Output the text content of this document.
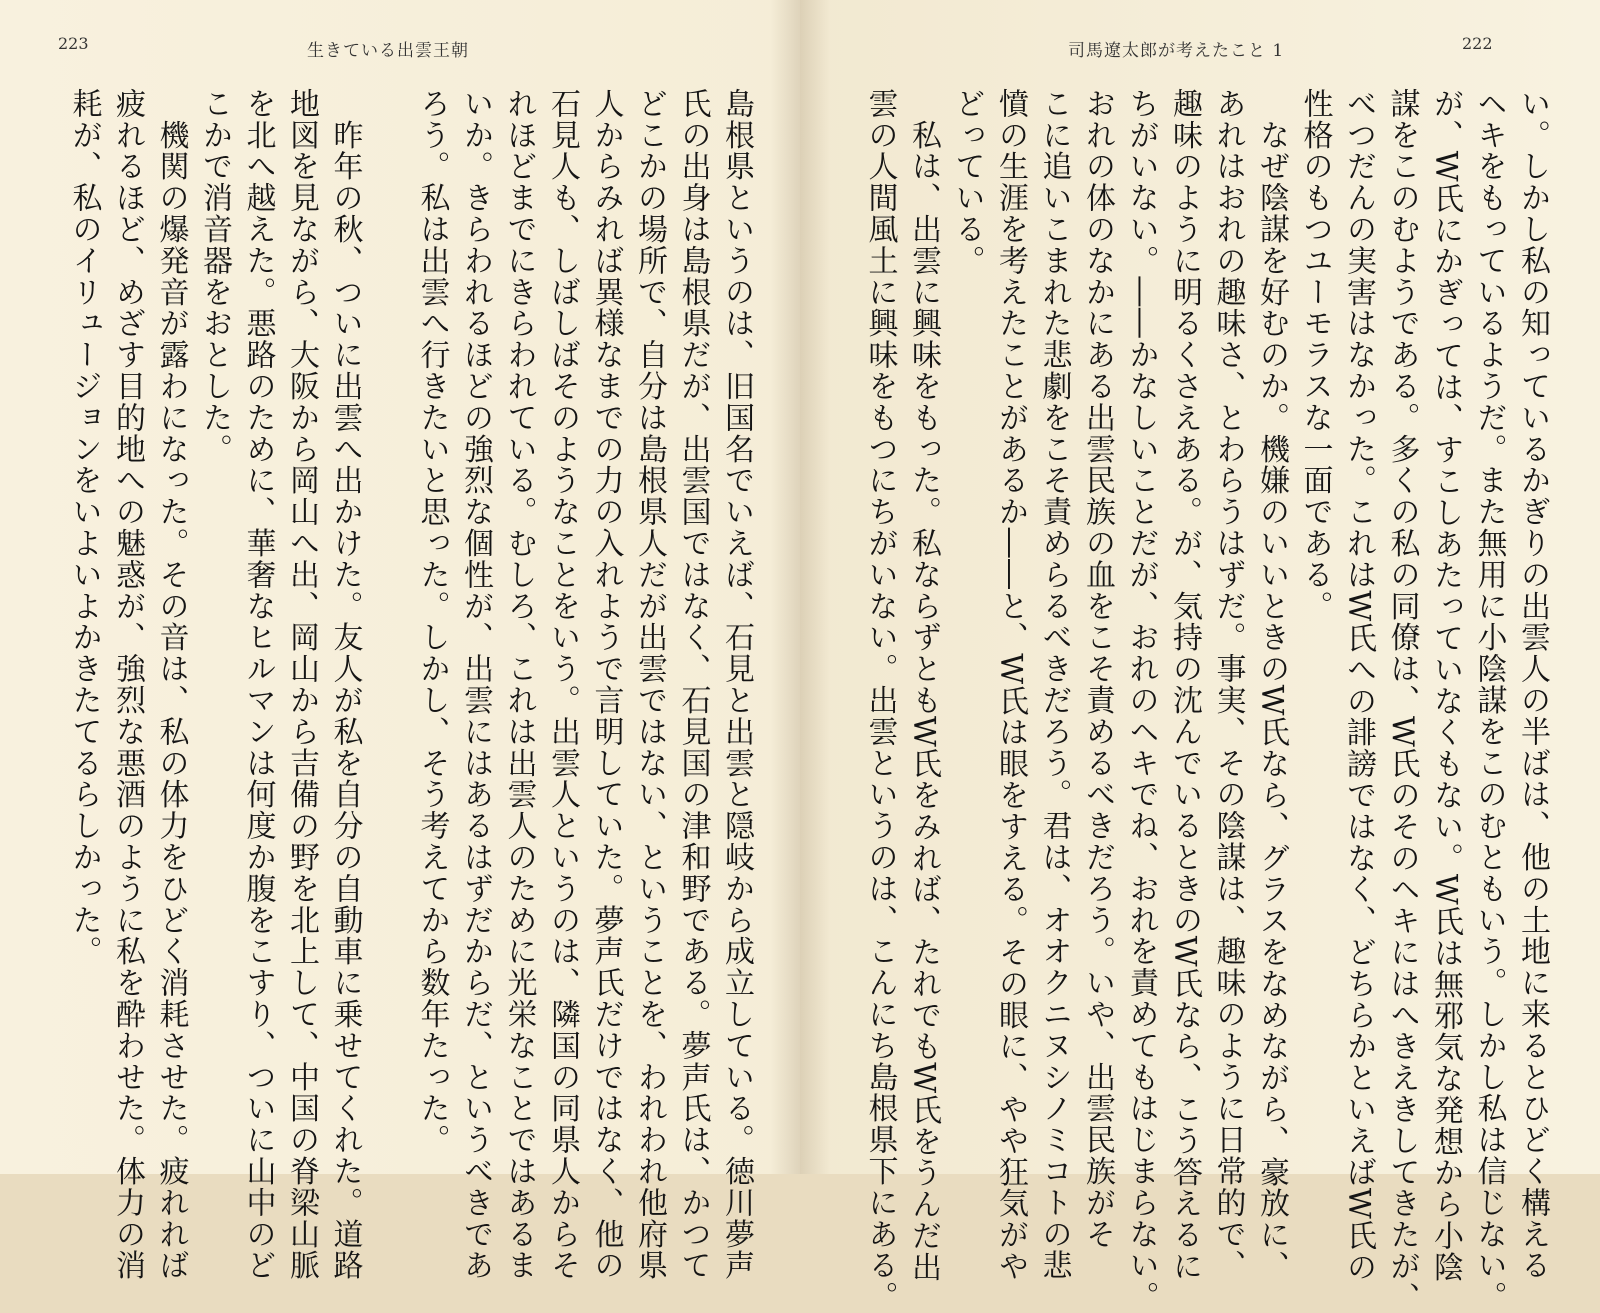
223	生きている出雲王朝
島根県というのは、旧国名でいえば、石見と出雲と隠岐から成立している。徳川夢声
氏の出身は島根県だが、出雲国ではなく、石見国の津和野である。夢声氏は、かつて
どこかの場所で、自分は島根県人だが出雲ではない、ということを、われわれ他府県
人からみれば異様なまでの力の入れようで言明していた。夢声氏だけではなく、他の
石見人も、しばしばそのようなことをいう。出雲人というのは、隣国の同県人からそ
れほどまでにきらわれている。むしろ、これは出雲人のために光栄なことではあるま
いか。きらわれるほどの強烈な個性が、出雲にはあるはずだからだ、というべきであ
ろう。私は出雲へ行きたいと思った。しかし、そう考えてから数年たった。

　昨年の秋、ついに出雲へ出かけた。友人が私を自分の自動車に乗せてくれた。道路
地図を見ながら、大阪から岡山へ出、岡山から吉備の野を北上して、中国の脊梁山脈
を北へ越えた。悪路のために、華奢なヒルマンは何度か腹をこすり、ついに山中のど
こかで消音器をおとした。
　機関の爆発音が露わになった。その音は、私の体力をひどく消耗させた。疲れれば
疲れるほど、めざす目的地への魅惑が、強烈な悪酒のように私を酔わせた。体力の消
耗が、私のイリュージョンをいよいよかきたてるらしかった。
司馬遼太郎が考えたこと 1	222
い。しかし私の知っているかぎりの出雲人の半ばは、他の土地に来るとひどく構える
ヘキをもっているようだ。また無用に小陰謀をこのむともいう。しかし私は信じない。
が、W氏にかぎっては、すこしあたっていなくもない。W氏は無邪気な発想から小陰
謀をこのむようである。多くの私の同僚は、W氏のそのヘキにはへきえきしてきたが、
べつだんの実害はなかった。これはW氏への誹謗ではなく、どちらかといえばW氏の
性格のもつユーモラスな一面である。
　なぜ陰謀を好むのか。機嫌のいいときのW氏なら、グラスをなめながら、豪放に、
あれはおれの趣味さ、とわらうはずだ。事実、その陰謀は、趣味のように日常的で、
趣味のように明るくさえある。が、気持の沈んでいるときのW氏なら、こう答えるに
ちがいない。――かなしいことだが、おれのヘキでね、おれを責めてもはじまらない。
おれの体のなかにある出雲民族の血をこそ責めるべきだろう。いや、出雲民族がそ
こに追いこまれた悲劇をこそ責めらるべきだろう。君は、オオクニヌシノミコトの悲
憤の生涯を考えたことがあるか――と、W氏は眼をすえる。その眼に、やや狂気がや
どっている。
　私は、出雲に興味をもった。私ならずともW氏をみれば、たれでもW氏をうんだ出
雲の人間風土に興味をもつにちがいない。出雲というのは、こんにち島根県下にある。
